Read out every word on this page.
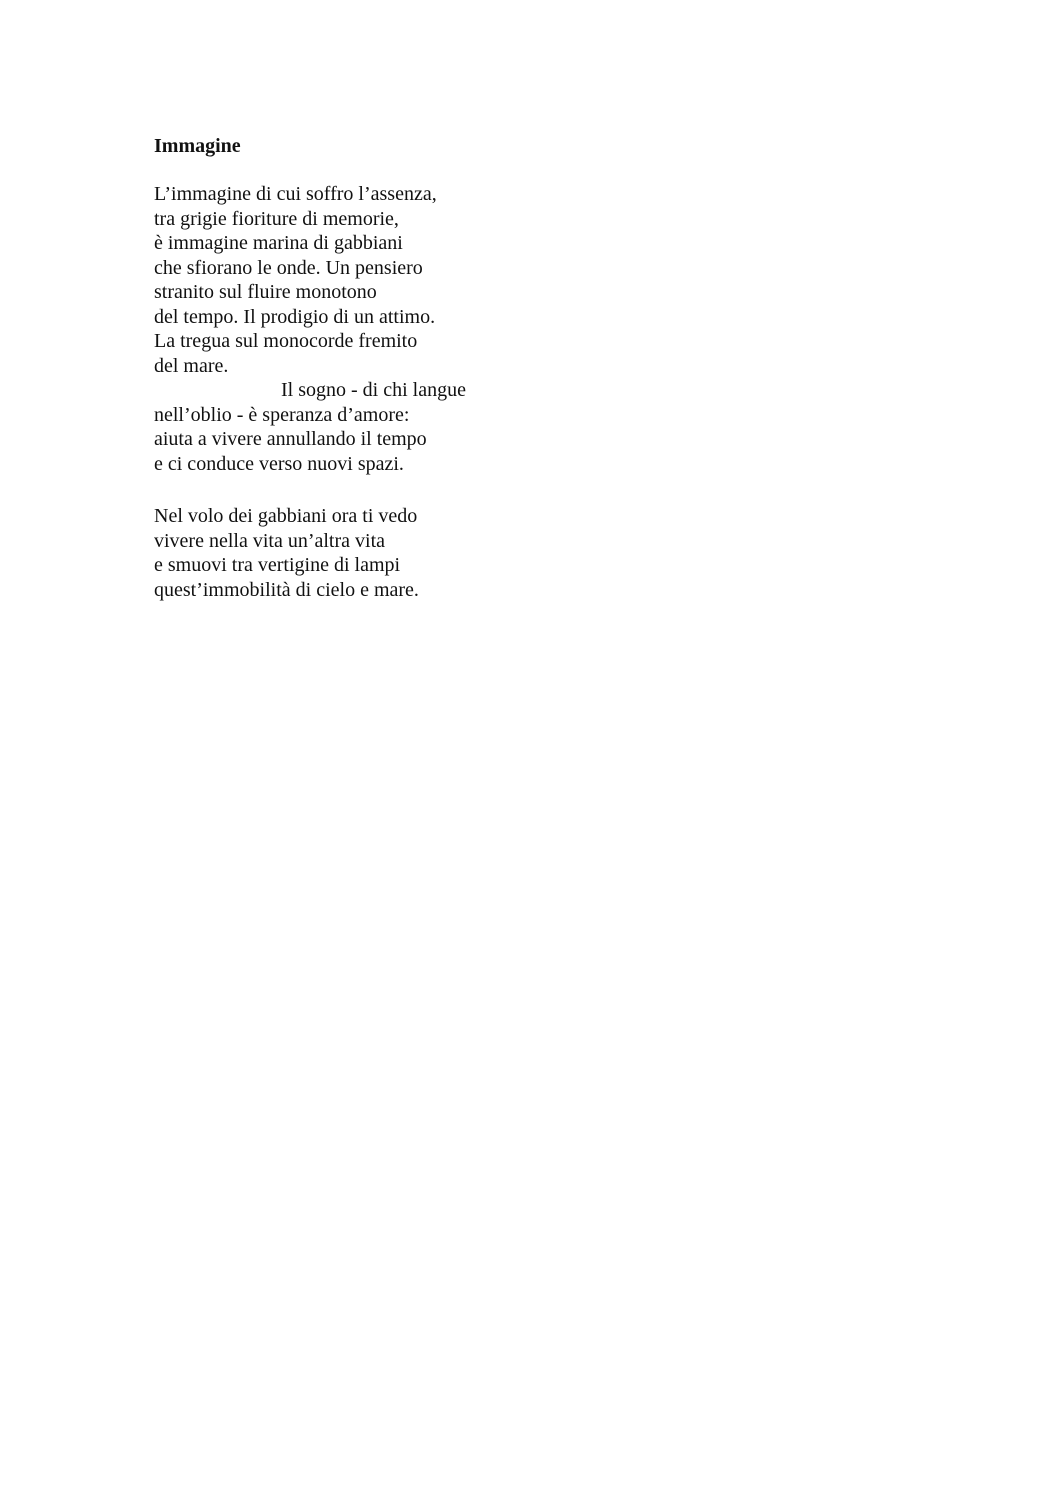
Immagine
L’immagine di cui soffro l’assenza,
tra grigie fioriture di memorie,
è immagine marina di gabbiani
che sfiorano le onde. Un pensiero
stranito sul fluire monotono
del tempo. Il prodigio di un attimo.
La tregua sul monocorde fremito
del mare.
Il sogno - di chi langue
nell’oblio - è speranza d’amore:
aiuta a vivere annullando il tempo
e ci conduce verso nuovi spazi.
Nel volo dei gabbiani ora ti vedo
vivere nella vita un’altra vita
e smuovi tra vertigine di lampi
quest’immobilità di cielo e mare.
